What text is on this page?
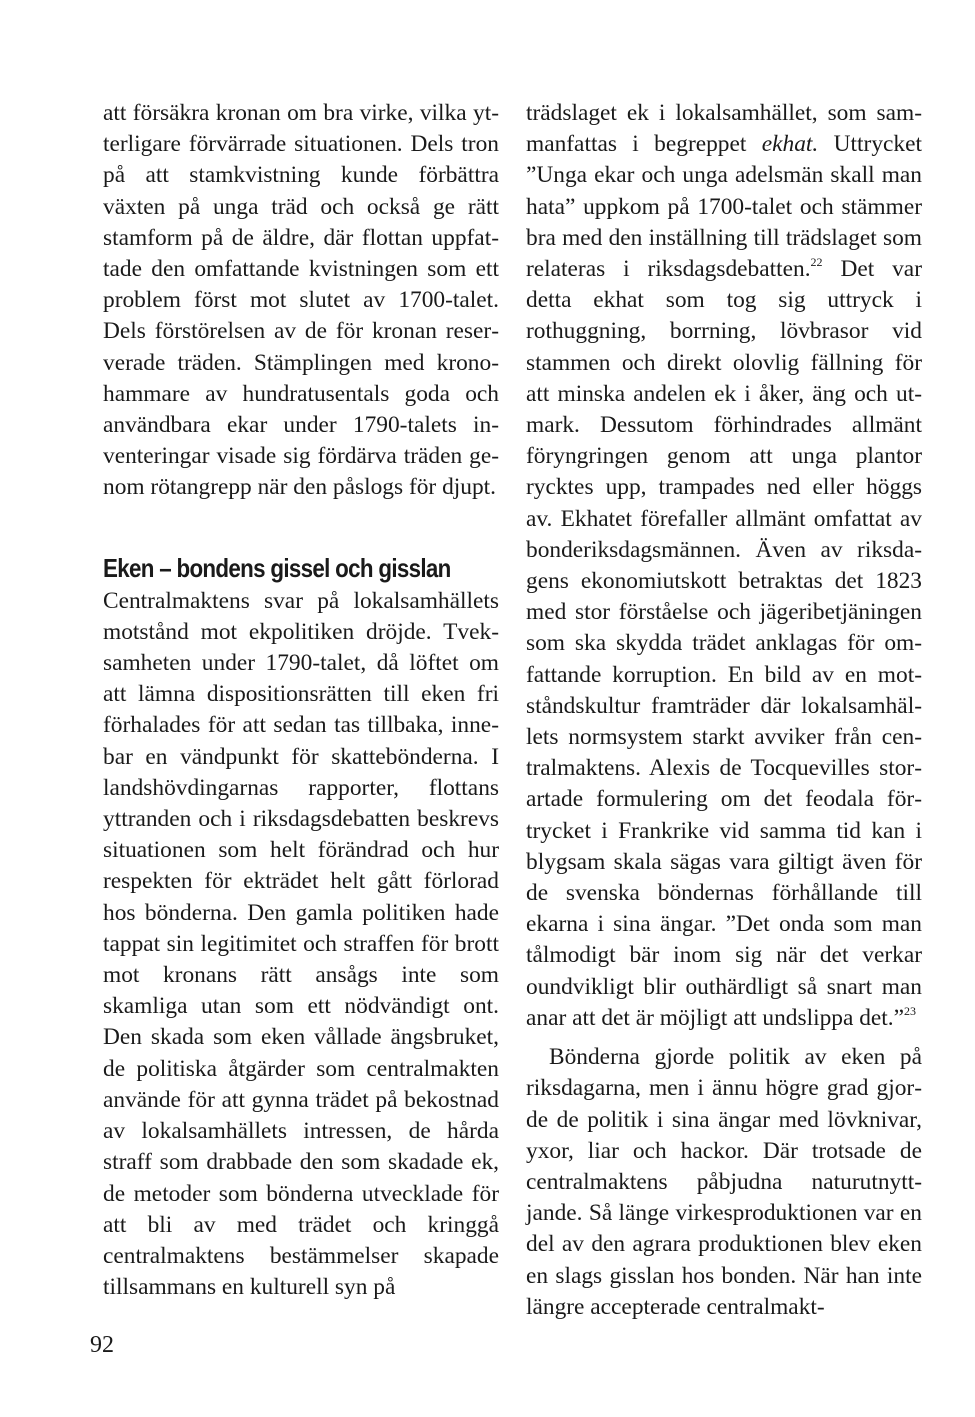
att försäkra kronan om bra virke, vilka ytterligare förvärrade situationen. Dels tron på att stamkvistning kunde förbättra växten på unga träd och också ge rätt stamform på de äldre, där flottan uppfattade den omfattande kvistningen som ett problem först mot slutet av 1700-talet. Dels förstörelsen av de för kronan reserverade träden. Stämplingen med kronohammare av hundratusentals goda och användbara ekar under 1790-talets inventeringar visade sig fördärva träden genom rötangrepp när den påslogs för djupt.

Eken – bondens gissel och gisslan

Centralmaktens svar på lokalsamhällets motstånd mot ekpolitiken dröjde. Tveksamheten under 1790-talet, då löftet om att lämna dispositionsrätten till eken fri förhalades för att sedan tas tillbaka, innebar en vändpunkt för skattebönderna. I landshövdingarnas rapporter, flottans yttranden och i riksdagsdebatten beskrevs situationen som helt förändrad och hur respekten för ekträdet helt gått förlorad hos bönderna. Den gamla politiken hade tappat sin legitimitet och straffen för brott mot kronans rätt ansågs inte som skamliga utan som ett nödvändigt ont. Den skada som eken vållade ängsbruket, de politiska åtgärder som centralmakten använde för att gynna trädet på bekostnad av lokalsamhällets intressen, de hårda straff som drabbade den som skadade ek, de metoder som bönderna utvecklade för att bli av med trädet och kringgå centralmaktens bestämmelser skapade tillsammans en kulturell syn på

trädslaget ek i lokalsamhället, som sammanfattas i begreppet ekhat. Uttrycket ”Unga ekar och unga adelsmän skall man hata” uppkom på 1700-talet och stämmer bra med den inställning till trädslaget som relateras i riksdagsdebatten.$^{22}$ Det var detta ekhat som tog sig uttryck i rothuggning, borrning, lövbrasor vid stammen och direkt olovlig fällning för att minska andelen ek i åker, äng och utmark. Dessutom förhindrades allmänt föryngringen genom att unga plantor rycktes upp, trampades ned eller höggs av. Ekhatet förefaller allmänt omfattat av bonderiksdagsmännen. Även av riksdagens ekonomiutskott betraktas det 1823 med stor förståelse och jägeribetjäningen som ska skydda trädet anklagas för omfattande korruption. En bild av en motståndskultur framträder där lokalsamhällets normsystem starkt avviker från centralmaktens. Alexis de Tocquevilles storartade formulering om det feodala förtrycket i Frankrike vid samma tid kan i blygsam skala sägas vara giltigt även för de svenska böndernas förhållande till ekarna i sina ängar. ”Det onda som man tålmodigt bär inom sig när det verkar oundvikligt blir outhärdligt så snart man anar att det är möjligt att undslippa det.”$^{23}$

Bönderna gjorde politik av eken på riksdagarna, men i ännu högre grad gjorde de politik i sina ängar med lövknivar, yxor, liar och hackor. Där trotsade de centralmaktens påbjudna naturutnyttjande. Så länge virkesproduktionen var en del av den agrara produktionen blev eken en slags gisslan hos bonden. När han inte längre accepterade centralmakt-

92
